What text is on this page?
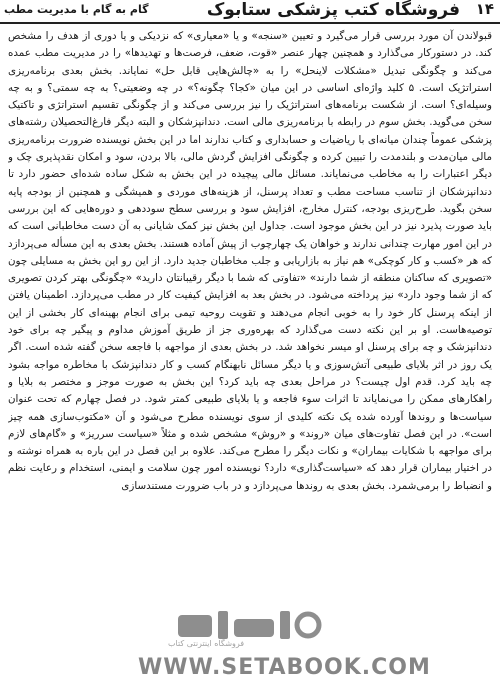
۱۴
فروشگاه کتب پزشکی ستابوک
گام به گام با مدیریت مطب

قبولاندن آن مورد بررسی قرار می‌گیرد و تعیین «سنجه» و یا «معیاری» که نزدیکی و یا دوری از هدف را مشخص کند. در دستورکار می‌گذارد و همچنین چهار عنصر «قوت، ضعف، فرصت‌ها و تهدیدها» را در مدیریت مطب عمده می‌کند و چگونگی تبدیل «مشکلات لاینحل» را به «چالش‌هایی قابل حل» نمایاند. بخش بعدی برنامه‌ریزی استراتژیک است. ۵ کلید واژه‌ای اساسی در این میان «کجا؟ چگونه؟» در چه وضعیتی؟ به چه سمتی؟ و به چه وسیله‌ای؟ است. از شکست برنامه‌های استراتژیک را نیز بررسی می‌کند و از چگونگی تقسیم استراتژی و تاکتیک سخن می‌گوید. بخش سوم در رابطه با برنامه‌ریزی مالی است. دندانپزشکان و البته دیگر فارغ‌التحصیلان رشته‌های پزشکی عموماً چندان میانه‌ای با ریاضیات و حسابداری و کتاب ندارند اما در این بخش نویسنده ضرورت برنامه‌ریزی مالی میان‌مدت و بلندمدت را تبیین کرده و چگونگی افزایش گردش مالی، بالا بردن، سود و امکان نقدپذیری چک و دیگر اعتبارات را به مخاطب می‌نمایاند. مسائل مالی پیچیده در این بخش به شکل ساده شده‌ای حضور دارد تا دندانپزشکان از تناسب مساحت مطب و تعداد پرسنل، از هزینه‌های موردی و همیشگی و همچنین از بودجه پایه سخن بگوید. طرح‌ریزی بودجه، کنترل مخارج، افزایش سود و بررسی سطح سوددهی و دوره‌هایی که این بررسی باید صورت پذیرد نیز در این بخش موجود است. جداول این بخش نیز کمک شایانی به آن دست مخاطبانی است که در این امور مهارت چندانی ندارند و خواهان یک چهارچوب از پیش آماده هستند. بخش بعدی به این مسأله می‌پردازد که هر «کسب و کار کوچکی» هم نیاز به بازاریابی و جلب مخاطبان جدید دارد. از این رو این بخش به مسایلی چون «تصویری که ساکنان منطقه از شما دارند» «تفاوتی که شما با دیگر رقیبانتان دارید» «چگونگی بهتر کردن تصویری که از شما وجود دارد» نیز پرداخته می‌شود. در بخش بعد به افزایش کیفیت کار در مطب می‌پردازد. اطمینان یافتن از اینکه پرسنل کار خود را به خوبی انجام می‌دهند و تقویت روحیه تیمی برای انجام بهینه‌ای کار بخشی از این توصیه‌هاست. او بر این نکته دست می‌گذارد که بهره‌وری جز از طریق آموزش مداوم و پیگیر چه برای خود دندانپزشک و چه برای پرسنل او میسر نخواهد شد. در بخش بعدی از مواجهه با فاجعه سخن گفته شده است. اگر یک روز در اثر بلایای طبیعی آتش‌سوزی و یا دیگر مسائل نابهنگام کسب و کار دندانپزشک با مخاطره مواجه بشود چه باید کرد. قدم اول چیست؟ در مراحل بعدی چه باید کرد؟ این بخش به صورت موجز و مختصر به بلایا و راهکارهای ممکن را می‌نمایاند تا اثرات سوء فاجعه و یا بلایای طبیعی کمتر شود. در فصل چهارم که تحت عنوان سیاست‌ها و روندها آورده شده یک نکته کلیدی از سوی نویسنده مطرح می‌شود و آن «مکتوب‌سازی همه چیز است». در این فصل تفاوت‌های میان «روند» و «روش» مشخص شده و مثلاً «سیاست سرریز» و «گام‌های لازم برای مواجهه با شکایات بیماران» و نکات دیگر را مطرح می‌کند. علاوه بر این فصل در این باره به همراه نوشته و در اختیار بیماران قرار دهد که «سیاست‌گذاری» دارد؟ نویسنده امور چون سلامت و ایمنی، استخدام و رعایت نظم و انضباط را برمی‌شمرد. بخش بعدی به روندها می‌پردازد و در باب ضرورت مستندسازی

فروشگاه اینترنتی کتاب
WWW.SETABOOK.COM
